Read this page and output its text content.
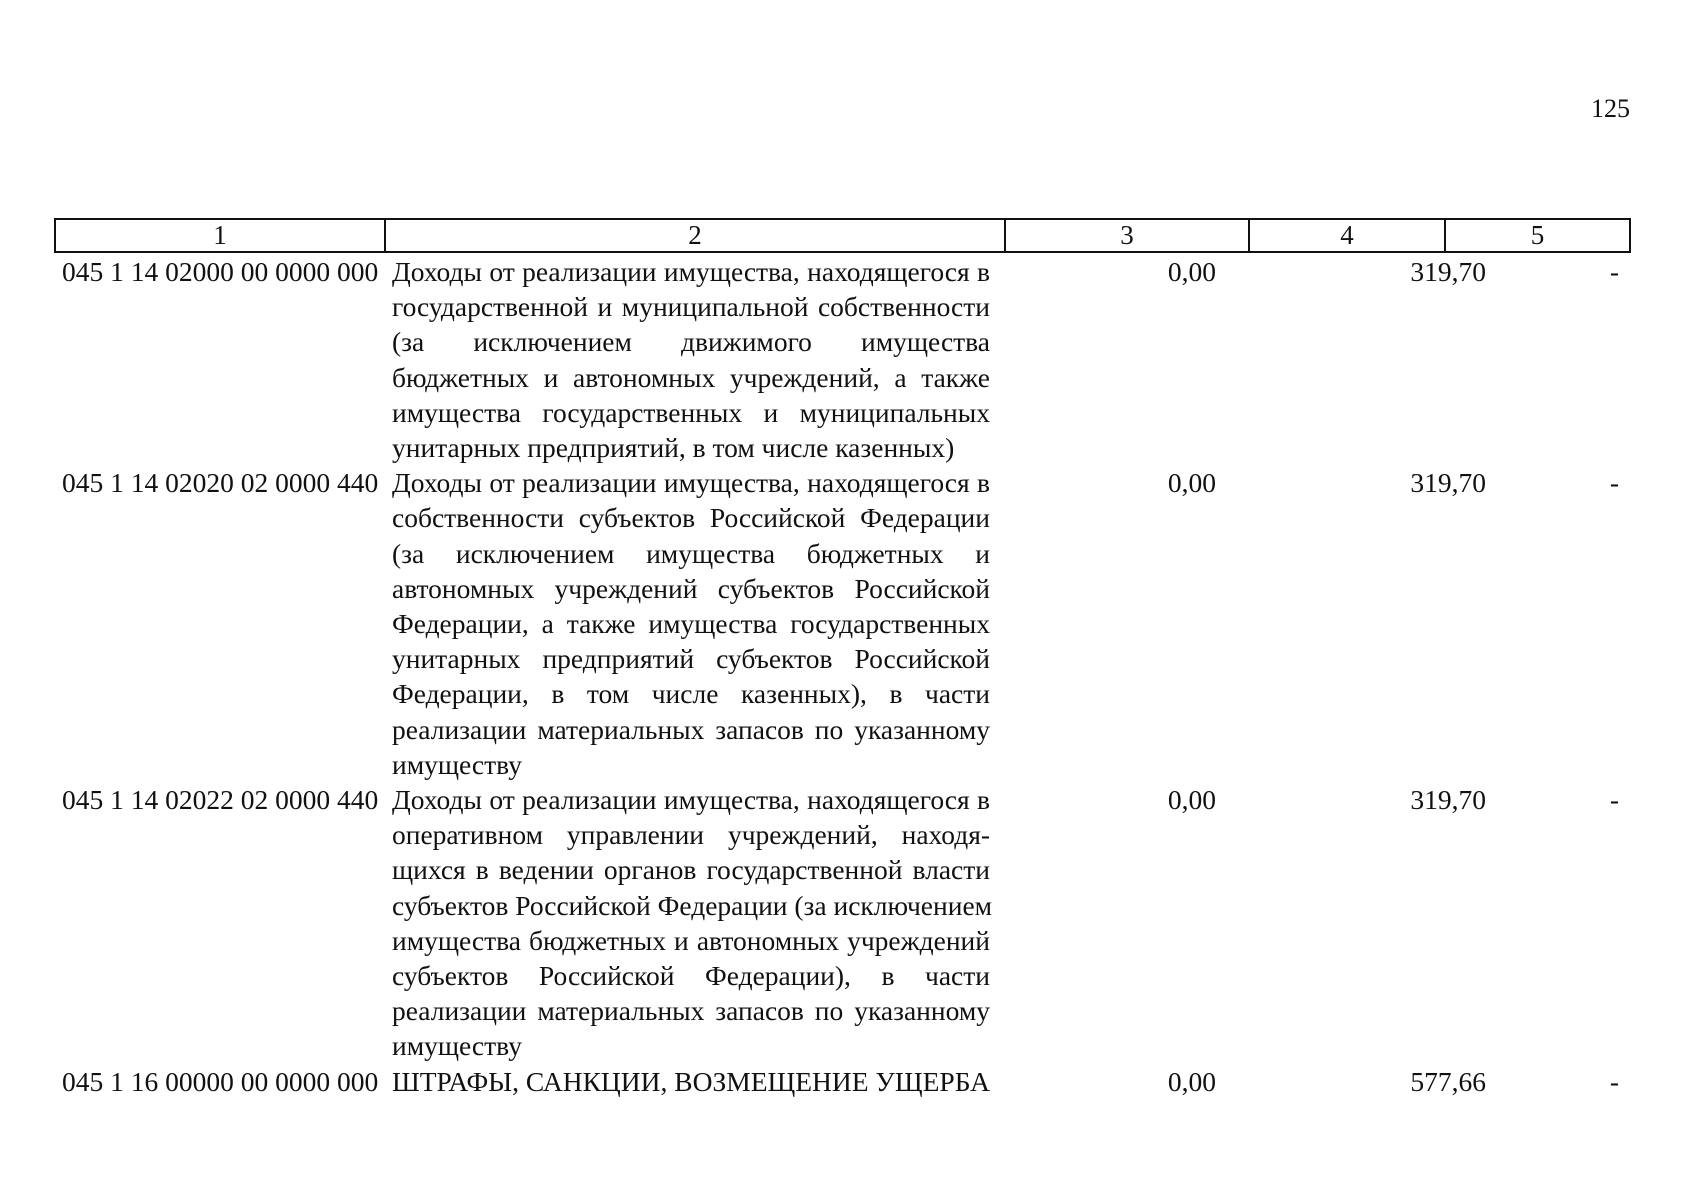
125
1	2	3	4	5
045 1 14 02000 00 0000 000 Доходы от реализации имущества, находящегося в
государственной и муниципальной собственности
(за исключением движимого имущества
бюджетных и автономных учреждений, а также
имущества государственных и муниципальных
унитарных предприятий, в том числе казенных)
0,00	319,70	-
045 1 14 02020 02 0000 440 Доходы от реализации имущества, находящегося в
собственности субъектов Российской Федерации
(за исключением имущества бюджетных и
автономных учреждений субъектов Российской
Федерации, а также имущества государственных
унитарных предприятий субъектов Российской
Федерации, в том числе казенных), в части
реализации материальных запасов по указанному
имуществу
0,00	319,70	-
045 1 14 02022 02 0000 440 Доходы от реализации имущества, находящегося в
оперативном управлении учреждений, находя-
щихся в ведении органов государственной власти
субъектов Российской Федерации (за исключением
имущества бюджетных и автономных учреждений
субъектов Российской Федерации), в части
реализации материальных запасов по указанному
имуществу
0,00	319,70	-
045 1 16 00000 00 0000 000 ШТРАФЫ, САНКЦИИ, ВОЗМЕЩЕНИЕ УЩЕРБА	0,00	577,66	-
